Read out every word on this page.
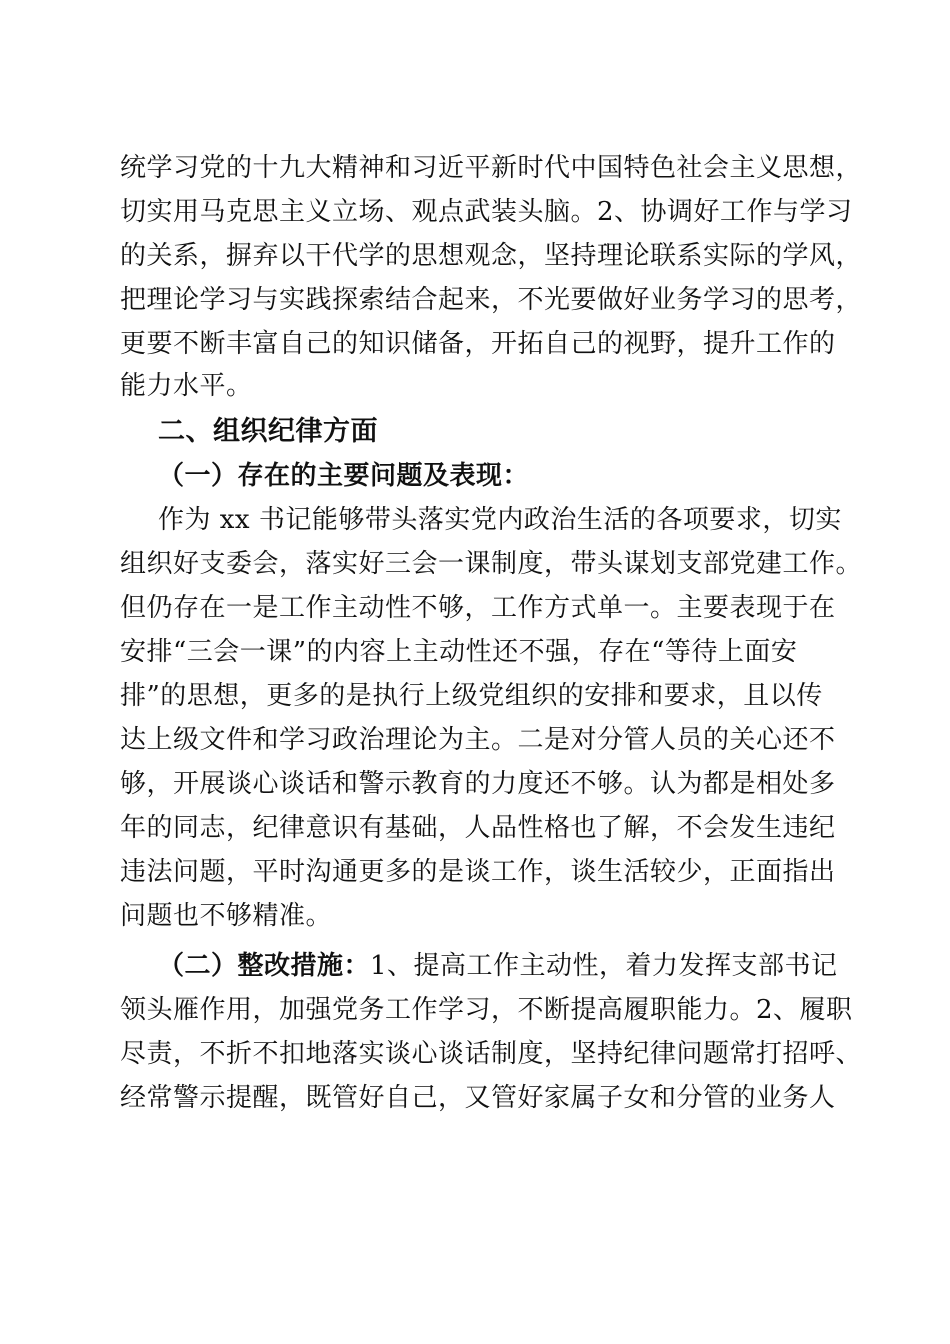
统学习党的十九大精神和习近平新时代中国特色社会主义思想，
切实用马克思主义立场、观点武装头脑。2、协调好工作与学习
的关系，摒弃以干代学的思想观念，坚持理论联系实际的学风，
把理论学习与实践探索结合起来，不光要做好业务学习的思考，
更要不断丰富自己的知识储备，开拓自己的视野，提升工作的
能力水平。
二、组织纪律方面
（一）存在的主要问题及表现：
作为 xx 书记能够带头落实党内政治生活的各项要求，切实
组织好支委会，落实好三会一课制度，带头谋划支部党建工作。
但仍存在一是工作主动性不够，工作方式单一。主要表现于在
安排“三会一课”的内容上主动性还不强，存在“等待上面安
排”的思想，更多的是执行上级党组织的安排和要求，且以传
达上级文件和学习政治理论为主。二是对分管人员的关心还不
够，开展谈心谈话和警示教育的力度还不够。认为都是相处多
年的同志，纪律意识有基础，人品性格也了解，不会发生违纪
违法问题，平时沟通更多的是谈工作，谈生活较少，正面指出
问题也不够精准。
（二）整改措施：1、提高工作主动性，着力发挥支部书记
领头雁作用，加强党务工作学习，不断提高履职能力。2、履职
尽责，不折不扣地落实谈心谈话制度，坚持纪律问题常打招呼、
经常警示提醒，既管好自己，又管好家属子女和分管的业务人
